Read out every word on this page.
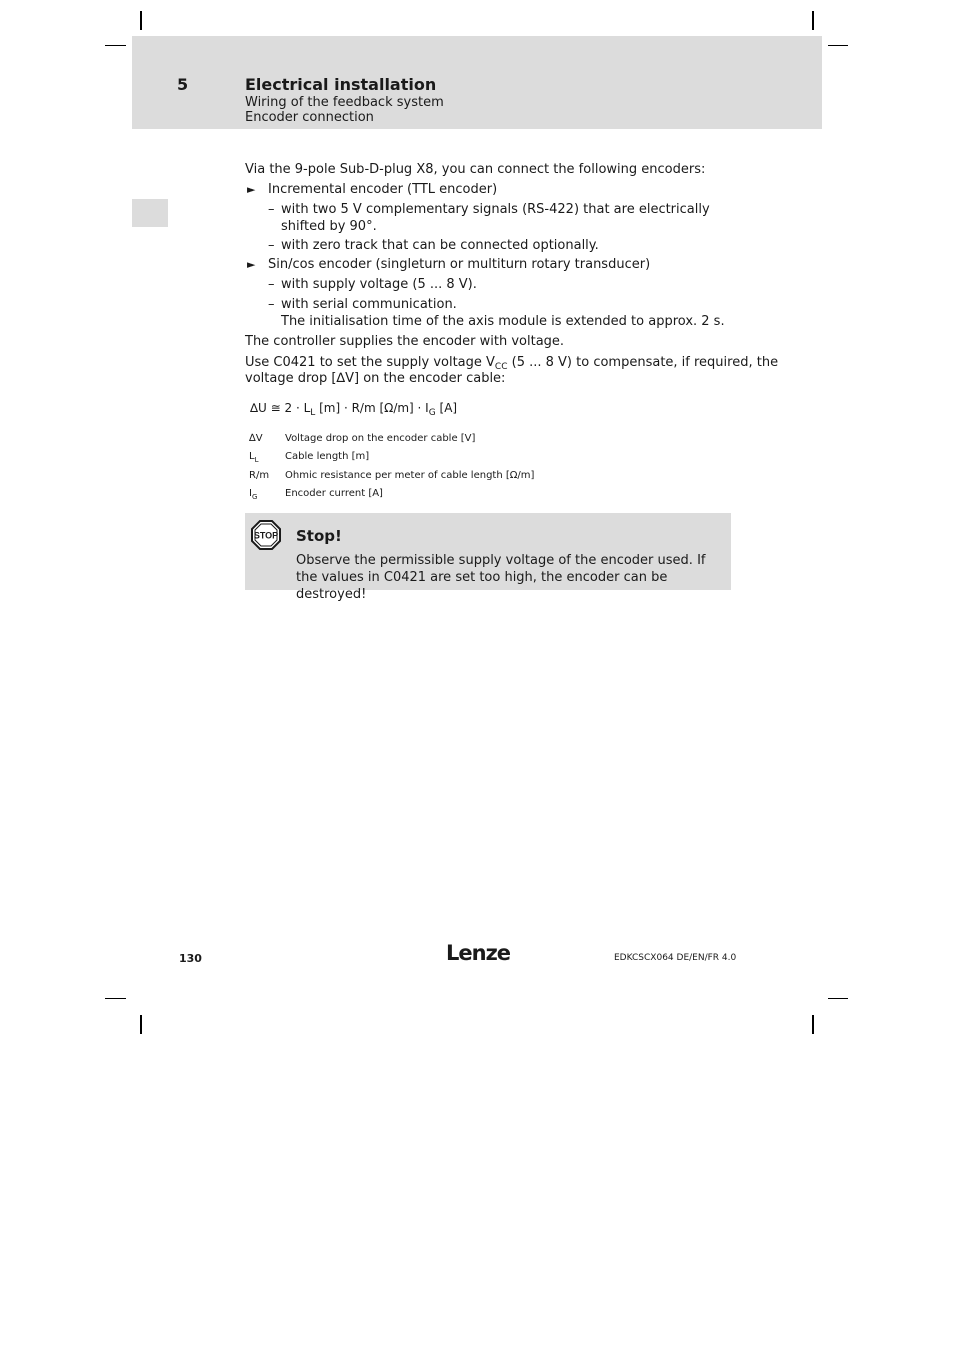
5	Electrical installation
Wiring of the feedback system
Encoder connection
Via the 9-pole Sub-D-plug X8, you can connect the following encoders:
► Incremental encoder (TTL encoder)
– with two 5 V complementary signals (RS-422) that are electrically
shifted by 90°.
– with zero track that can be connected optionally.
► Sin/cos encoder (singleturn or multiturn rotary transducer)
– with supply voltage (5 ... 8 V).
– with serial communication.
The initialisation time of the axis module is extended to approx. 2 s.
The controller supplies the encoder with voltage.
Use C0421 to set the supply voltage $V_{CC}$ (5 ... 8 V) to compensate, if required, the
voltage drop [∆V] on the encoder cable:
∆U ≅ $2 \cdot L_L$ [m] · R/m $[\Omega/m] \cdot I_G$ [A]
∆V Voltage drop on the encoder cable [V]
$L_L$	Cable length [m]
R/m Ohmic resistance per meter of cable length [Ω/m]
$I_G$	Encoder current [A]
STOP Stop!
Observe the permissible supply voltage of the encoder used. If the values in C0421 are set too high, the encoder can be destroyed!
130	Lenze	EDKCSCX064 DE/EN/FR 4.0
